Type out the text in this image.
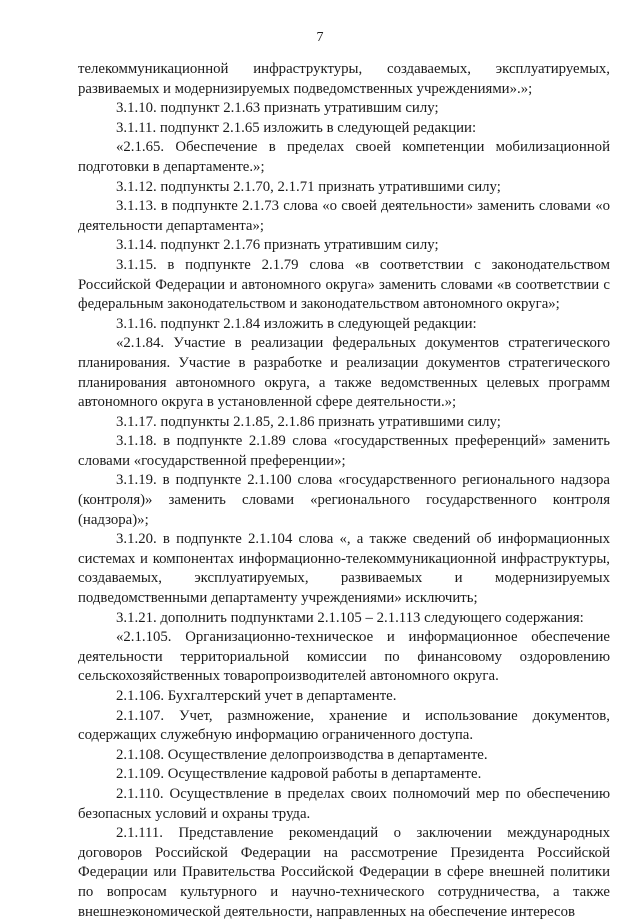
7

телекоммуникационной инфраструктуры, создаваемых, эксплуатируемых, развиваемых и модернизируемых подведомственных учреждениями».»;

3.1.10. подпункт 2.1.63 признать утратившим силу;

3.1.11. подпункт 2.1.65 изложить в следующей редакции:

«2.1.65. Обеспечение в пределах своей компетенции мобилизационной подготовки в департаменте.»;

3.1.12. подпункты 2.1.70, 2.1.71 признать утратившими силу;

3.1.13. в подпункте 2.1.73 слова «о своей деятельности» заменить словами «о деятельности департамента»;

3.1.14. подпункт 2.1.76 признать утратившим силу;

3.1.15. в подпункте 2.1.79 слова «в соответствии с законодательством Российской Федерации и автономного округа» заменить словами «в соответствии с федеральным законодательством и законодательством автономного округа»;

3.1.16. подпункт 2.1.84 изложить в следующей редакции:

«2.1.84. Участие в реализации федеральных документов стратегического планирования. Участие в разработке и реализации документов стратегического планирования автономного округа, а также ведомственных целевых программ автономного округа в установленной сфере деятельности.»;

3.1.17. подпункты 2.1.85, 2.1.86 признать утратившими силу;

3.1.18. в подпункте 2.1.89 слова «государственных преференций» заменить словами «государственной преференции»;

3.1.19. в подпункте 2.1.100 слова «государственного регионального надзора (контроля)» заменить словами «регионального государственного контроля (надзора)»;

3.1.20. в подпункте 2.1.104 слова «, а также сведений об информационных системах и компонентах информационно-телекоммуникационной инфраструктуры, создаваемых, эксплуатируемых, развиваемых и модернизируемых подведомственными департаменту учреждениями» исключить;

3.1.21. дополнить подпунктами 2.1.105 – 2.1.113 следующего содержания:

«2.1.105. Организационно-техническое и информационное обеспечение деятельности территориальной комиссии по финансовому оздоровлению сельскохозяйственных товаропроизводителей автономного округа.

2.1.106. Бухгалтерский учет в департаменте.

2.1.107. Учет, размножение, хранение и использование документов, содержащих служебную информацию ограниченного доступа.

2.1.108. Осуществление делопроизводства в департаменте.

2.1.109. Осуществление кадровой работы в департаменте.

2.1.110. Осуществление в пределах своих полномочий мер по обеспечению безопасных условий и охраны труда.

2.1.111. Представление рекомендаций о заключении международных договоров Российской Федерации на рассмотрение Президента Российской Федерации или Правительства Российской Федерации в сфере внешней политики по вопросам культурного и научно-технического сотрудничества, а также внешнеэкономической деятельности, направленных на обеспечение интересов
